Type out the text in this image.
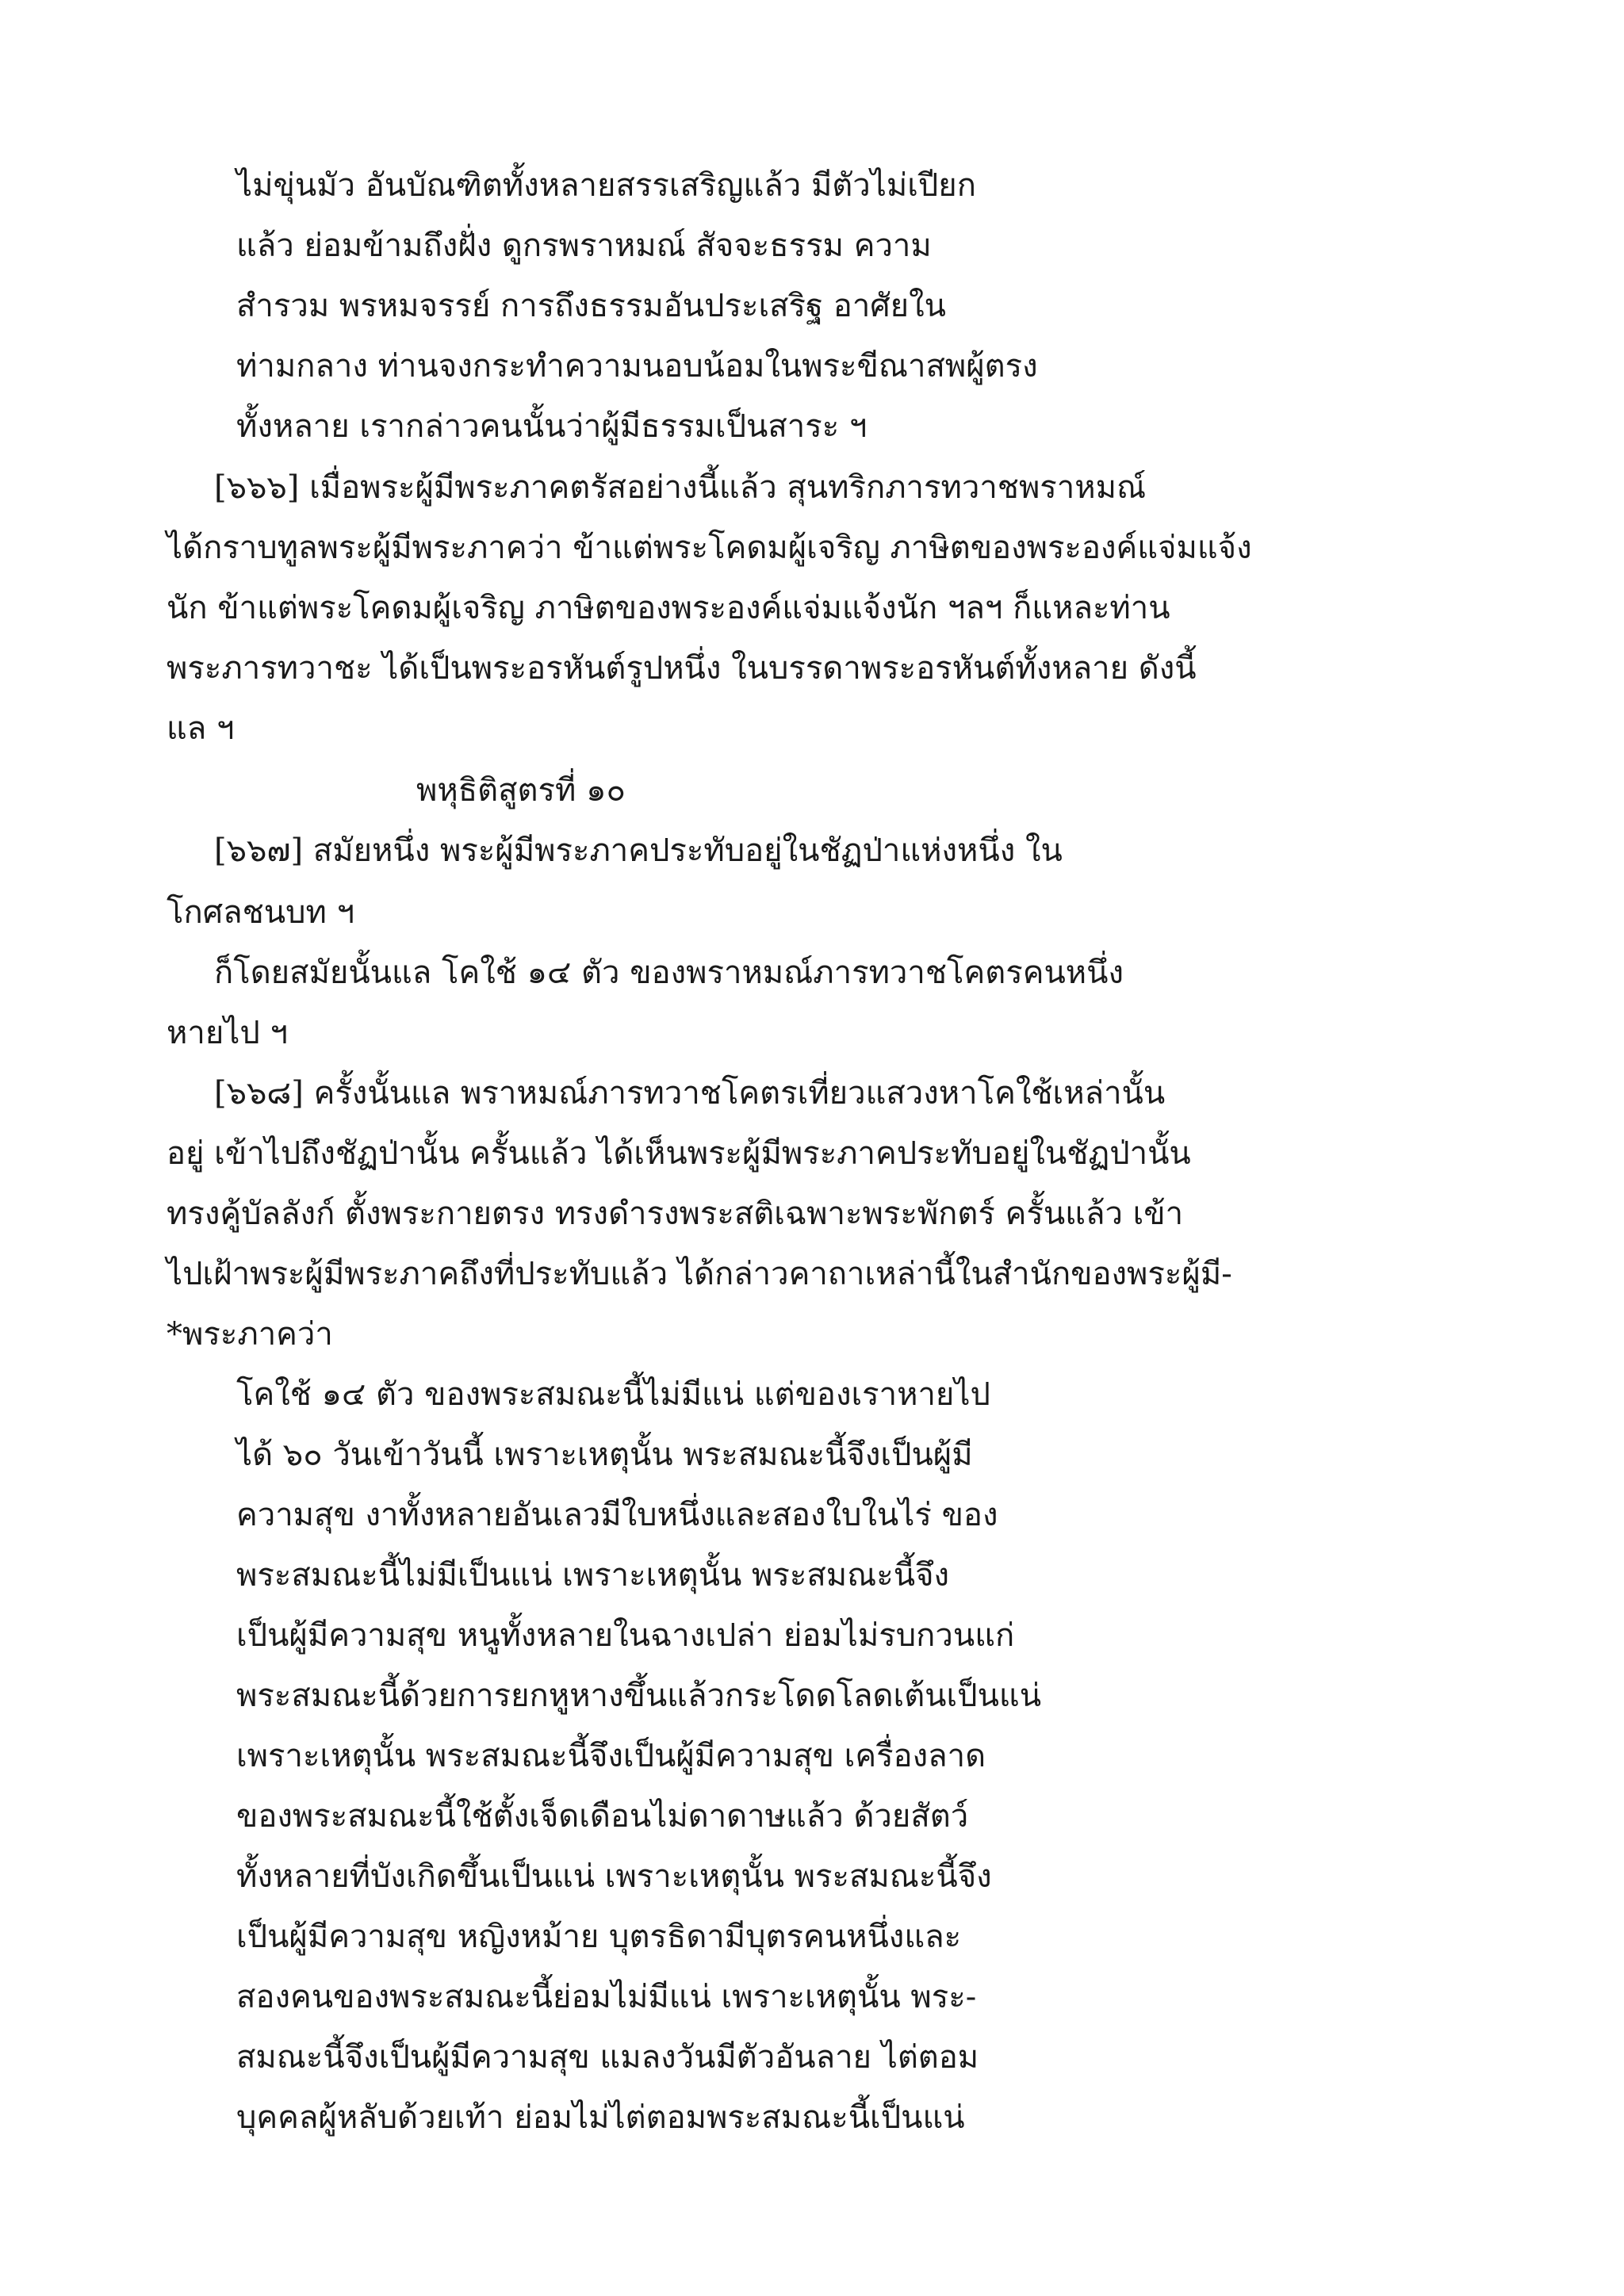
ไม่ขุ่นมัว อันบัณฑิตทั้งหลายสรรเสริญแล้ว มีตัวไม่เปียก
แล้ว ย่อมข้ามถึงฝั่ง ดูกรพราหมณ์ สัจจะธรรม ความ
สำรวม พรหมจรรย์ การถึงธรรมอันประเสริฐ อาศัยใน
ท่ามกลาง ท่านจงกระทำความนอบน้อมในพระขีณาสพผู้ตรง
ทั้งหลาย เรากล่าวคนนั้นว่าผู้มีธรรมเป็นสาระ ฯ
[๖๖๖] เมื่อพระผู้มีพระภาคตรัสอย่างนี้แล้ว สุนทริกภารทวาชพราหมณ์
ได้กราบทูลพระผู้มีพระภาคว่า ข้าแต่พระโคดมผู้เจริญ ภาษิตของพระองค์แจ่มแจ้ง
นัก ข้าแต่พระโคดมผู้เจริญ ภาษิตของพระองค์แจ่มแจ้งนัก ฯลฯ ก็แหละท่าน
พระภารทวาชะ ได้เป็นพระอรหันต์รูปหนึ่ง ในบรรดาพระอรหันต์ทั้งหลาย ดังนี้
แล ฯ
พหุธิติสูตรที่ ๑๐
[๖๖๗] สมัยหนึ่ง พระผู้มีพระภาคประทับอยู่ในชัฏป่าแห่งหนึ่ง ใน
โกศลชนบท ฯ
ก็โดยสมัยนั้นแล โคใช้ ๑๔ ตัว ของพราหมณ์ภารทวาชโคตรคนหนึ่ง
หายไป ฯ
[๖๖๘] ครั้งนั้นแล พราหมณ์ภารทวาชโคตรเที่ยวแสวงหาโคใช้เหล่านั้น
อยู่ เข้าไปถึงชัฏป่านั้น ครั้นแล้ว ได้เห็นพระผู้มีพระภาคประทับอยู่ในชัฏป่านั้น
ทรงคู้บัลลังก์ ตั้งพระกายตรง ทรงดำรงพระสติเฉพาะพระพักตร์ ครั้นแล้ว เข้า
ไปเฝ้าพระผู้มีพระภาคถึงที่ประทับแล้ว ได้กล่าวคาถาเหล่านี้ในสำนักของพระผู้มี-
*พระภาคว่า
โคใช้ ๑๔ ตัว ของพระสมณะนี้ไม่มีแน่ แต่ของเราหายไป
ได้ ๖๐ วันเข้าวันนี้ เพราะเหตุนั้น พระสมณะนี้จึงเป็นผู้มี
ความสุข งาทั้งหลายอันเลวมีใบหนึ่งและสองใบในไร่ ของ
พระสมณะนี้ไม่มีเป็นแน่ เพราะเหตุนั้น พระสมณะนี้จึง
เป็นผู้มีความสุข หนูทั้งหลายในฉางเปล่า ย่อมไม่รบกวนแก่
พระสมณะนี้ด้วยการยกหูหางขึ้นแล้วกระโดดโลดเต้นเป็นแน่
เพราะเหตุนั้น พระสมณะนี้จึงเป็นผู้มีความสุข เครื่องลาด
ของพระสมณะนี้ใช้ตั้งเจ็ดเดือนไม่ดาดาษแล้ว ด้วยสัตว์
ทั้งหลายที่บังเกิดขึ้นเป็นแน่ เพราะเหตุนั้น พระสมณะนี้จึง
เป็นผู้มีความสุข หญิงหม้าย บุตรธิดามีบุตรคนหนึ่งและ
สองคนของพระสมณะนี้ย่อมไม่มีแน่ เพราะเหตุนั้น พระ-
สมณะนี้จึงเป็นผู้มีความสุข แมลงวันมีตัวอันลาย ไต่ตอม
บุคคลผู้หลับด้วยเท้า ย่อมไม่ไต่ตอมพระสมณะนี้เป็นแน่
